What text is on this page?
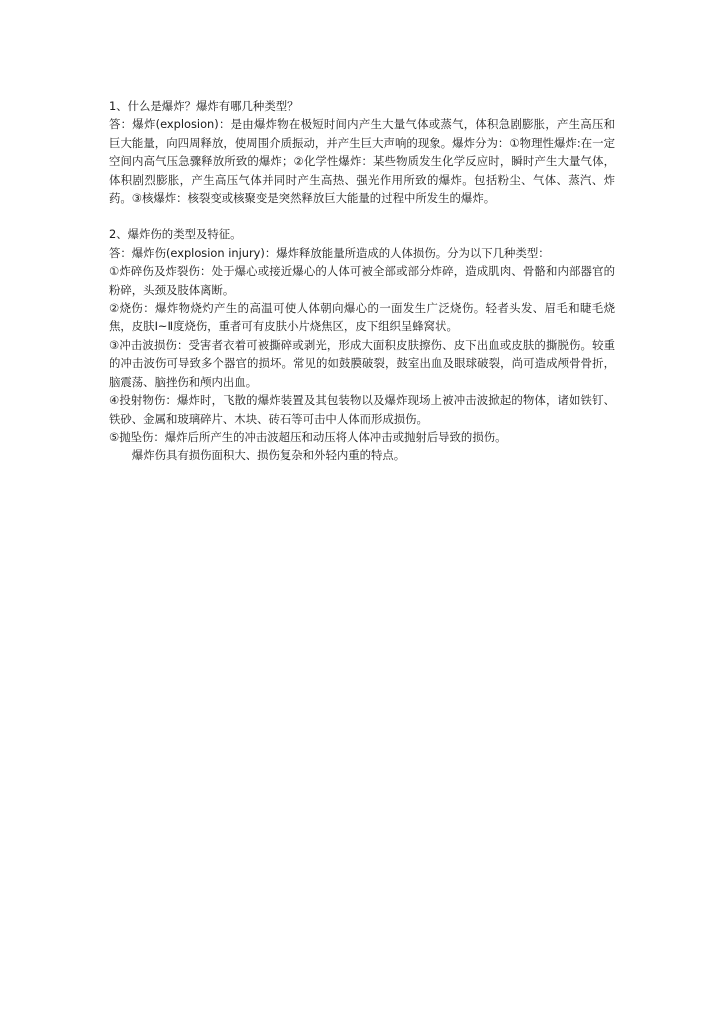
1、什么是爆炸？爆炸有哪几种类型？

答：爆炸(explosion)：是由爆炸物在极短时间内产生大量气体或蒸气，体积急剧膨胀，产生高压和巨大能量，向四周释放，使周围介质振动，并产生巨大声响的现象。爆炸分为：①物理性爆炸:在一定空间内高气压急骤释放所致的爆炸；②化学性爆炸：某些物质发生化学反应时，瞬时产生大量气体，体积剧烈膨胀，产生高压气体并同时产生高热、强光作用所致的爆炸。包括粉尘、气体、蒸汽、炸药。③核爆炸：核裂变或核聚变是突然释放巨大能量的过程中所发生的爆炸。

2、爆炸伤的类型及特征。

答：爆炸伤(explosion injury)：爆炸释放能量所造成的人体损伤。分为以下几种类型：

①炸碎伤及炸裂伤：处于爆心或接近爆心的人体可被全部或部分炸碎，造成肌肉、骨骼和内部器官的粉碎，头颈及肢体离断。

②烧伤：爆炸物烧灼产生的高温可使人体朝向爆心的一面发生广泛烧伤。轻者头发、眉毛和睫毛烧焦，皮肤Ⅰ~Ⅱ度烧伤，重者可有皮肤小片烧焦区，皮下组织呈蜂窝状。

③冲击波损伤：受害者衣着可被撕碎或剥光，形成大面积皮肤擦伤、皮下出血或皮肤的撕脱伤。较重的冲击波伤可导致多个器官的损坏。常见的如鼓膜破裂，鼓室出血及眼球破裂，尚可造成颅骨骨折，脑震荡、脑挫伤和颅内出血。

④投射物伤：爆炸时，飞散的爆炸装置及其包装物以及爆炸现场上被冲击波掀起的物体，诸如铁钉、铁砂、金属和玻璃碎片、木块、砖石等可击中人体而形成损伤。

⑤抛坠伤：爆炸后所产生的冲击波超压和动压将人体冲击或抛射后导致的损伤。

爆炸伤具有损伤面积大、损伤复杂和外轻内重的特点。
